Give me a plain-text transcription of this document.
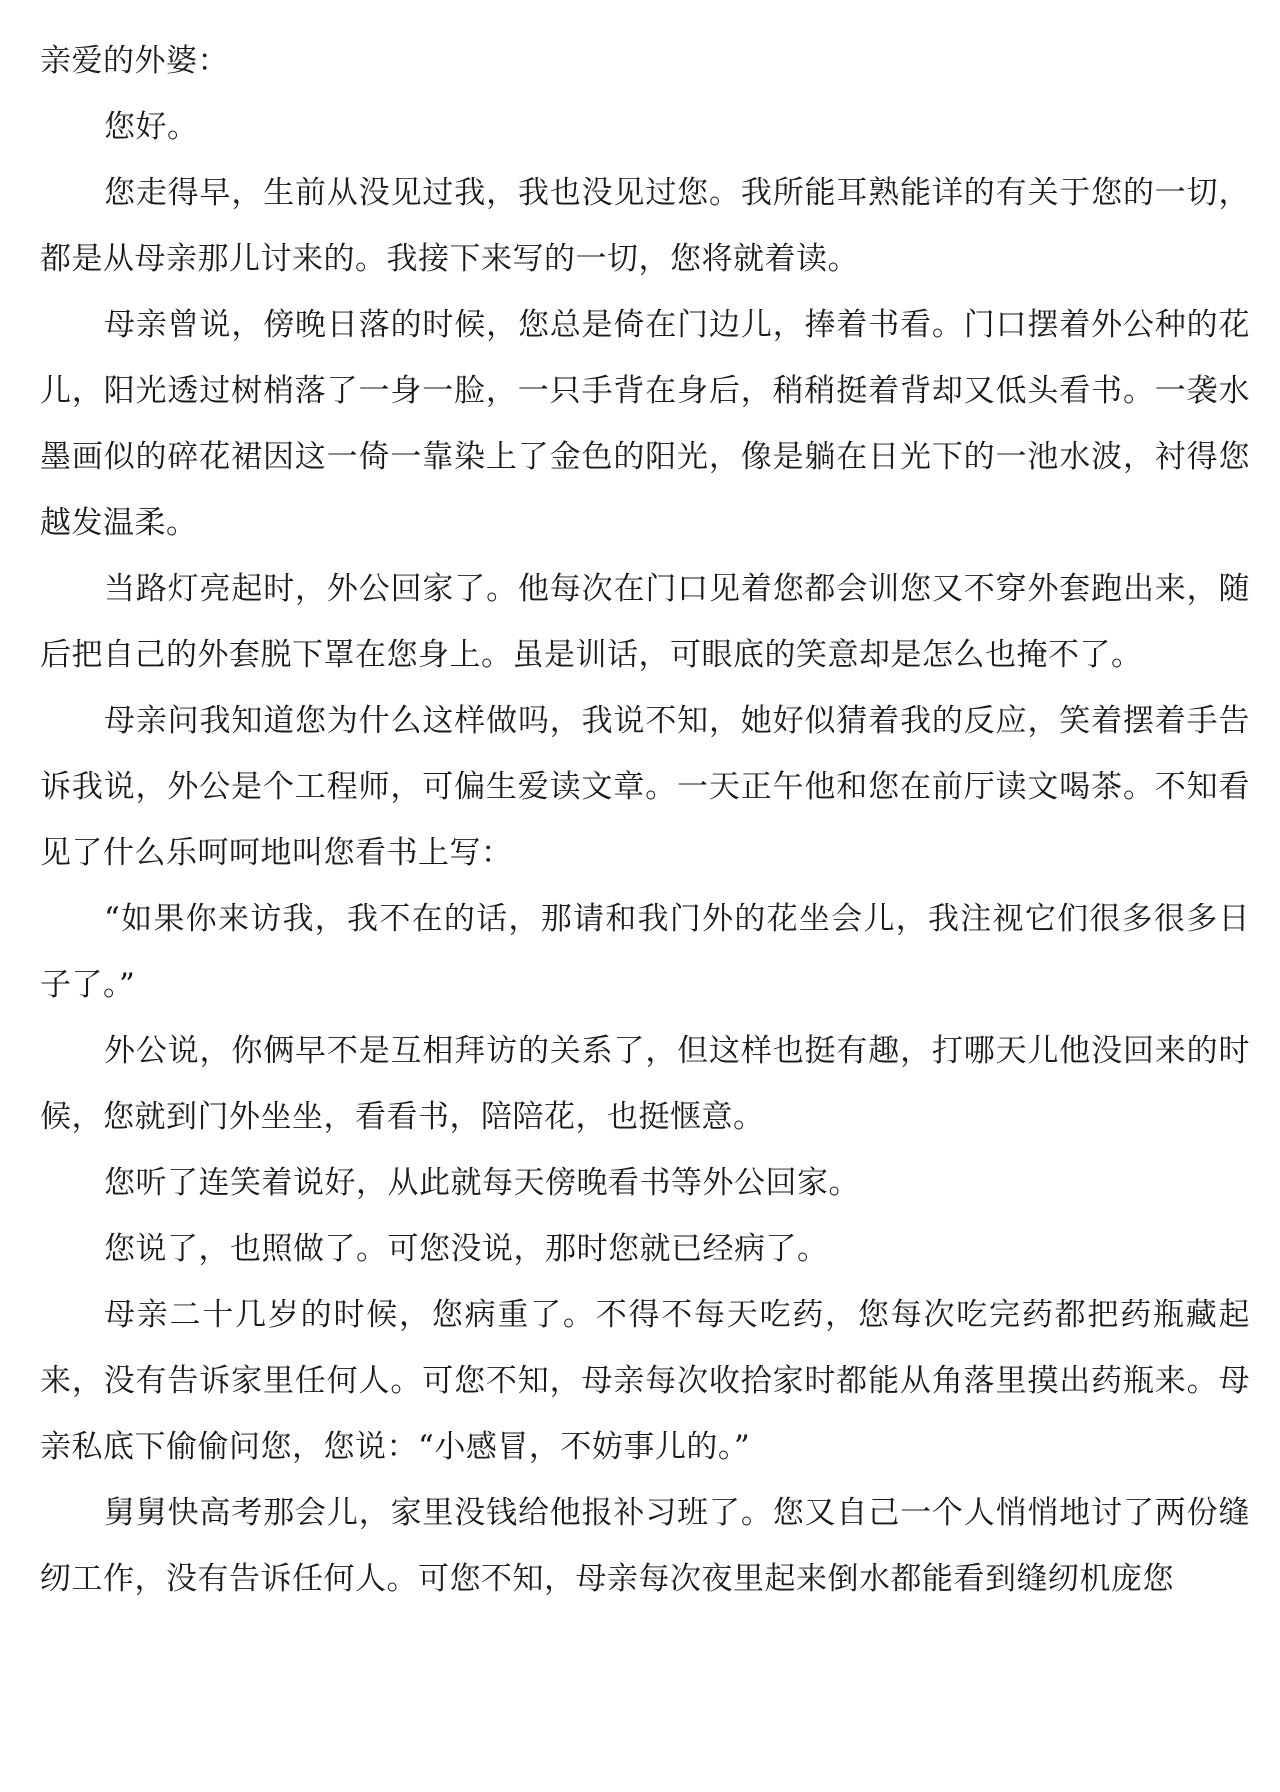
亲爱的外婆：

您好。

您走得早，生前从没见过我，我也没见过您。我所能耳熟能详的有关于您的一切，都是从母亲那儿讨来的。我接下来写的一切，您将就着读。

母亲曾说，傍晚日落的时候，您总是倚在门边儿，捧着书看。门口摆着外公种的花儿，阳光透过树梢落了一身一脸，一只手背在身后，稍稍挺着背却又低头看书。一袭水墨画似的碎花裙因这一倚一靠染上了金色的阳光，像是躺在日光下的一池水波，衬得您越发温柔。

当路灯亮起时，外公回家了。他每次在门口见着您都会训您又不穿外套跑出来，随后把自己的外套脱下罩在您身上。虽是训话，可眼底的笑意却是怎么也掩不了。

母亲问我知道您为什么这样做吗，我说不知，她好似猜着我的反应，笑着摆着手告诉我说，外公是个工程师，可偏生爱读文章。一天正午他和您在前厅读文喝茶。不知看见了什么乐呵呵地叫您看书上写：

“如果你来访我，我不在的话，那请和我门外的花坐会儿，我注视它们很多很多日子了。”

外公说，你俩早不是互相拜访的关系了，但这样也挺有趣，打哪天儿他没回来的时候，您就到门外坐坐，看看书，陪陪花，也挺惬意。

您听了连笑着说好，从此就每天傍晚看书等外公回家。

您说了，也照做了。可您没说，那时您就已经病了。

母亲二十几岁的时候，您病重了。不得不每天吃药，您每次吃完药都把药瓶藏起来，没有告诉家里任何人。可您不知，母亲每次收拾家时都能从角落里摸出药瓶来。母亲私底下偷偷问您，您说：“小感冒，不妨事儿的。”

舅舅快高考那会儿，家里没钱给他报补习班了。您又自己一个人悄悄地讨了两份缝纫工作，没有告诉任何人。可您不知，母亲每次夜里起来倒水都能看到缝纫机庞您
